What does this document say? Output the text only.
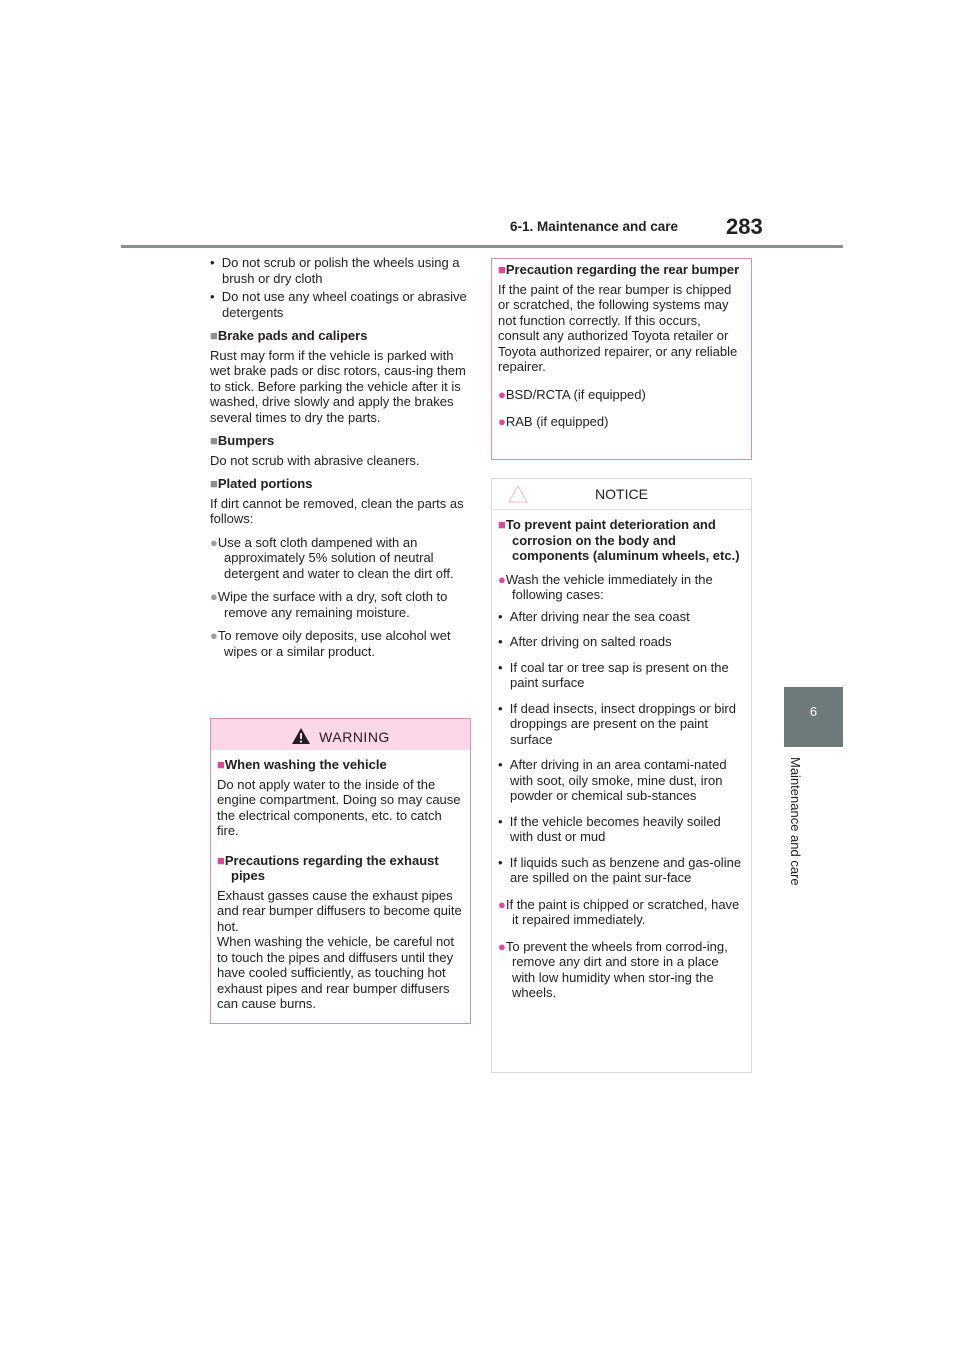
6-1. Maintenance and care 283
6
Maintenance and care

•  Do not scrub or polish the wheels using a brush or dry cloth

•  Do not use any wheel coatings or abrasive detergents

■Brake pads and calipers

Rust may form if the vehicle is parked with wet brake pads or disc rotors, caus-ing them to stick. Before parking the vehicle after it is washed, drive slowly and apply the brakes several times to dry the parts.

■Bumpers

Do not scrub with abrasive cleaners.

■Plated portions

If dirt cannot be removed, clean the parts as follows:

●Use a soft cloth dampened with an approximately 5% solution of neutral detergent and water to clean the dirt off.

●Wipe the surface with a dry, soft cloth to remove any remaining moisture.

●To remove oily deposits, use alcohol wet wipes or a similar product.

WARNING

■When washing the vehicle

Do not apply water to the inside of the engine compartment. Doing so may cause the electrical components, etc. to catch fire.

■Precautions regarding the exhaust pipes

Exhaust gasses cause the exhaust pipes and rear bumper diffusers to become quite hot.

When washing the vehicle, be careful not to touch the pipes and diffusers until they have cooled sufficiently, as touching hot exhaust pipes and rear bumper diffusers can cause burns.

■Precaution regarding the rear bumper

If the paint of the rear bumper is chipped or scratched, the following systems may not function correctly. If this occurs, consult any authorized Toyota retailer or Toyota authorized repairer, or any reliable repairer.

●BSD/RCTA (if equipped)

●RAB (if equipped)

NOTICE

■To prevent paint deterioration and corrosion on the body and components (aluminum wheels, etc.)

●Wash the vehicle immediately in the following cases:

•  After driving near the sea coast

•  After driving on salted roads

•  If coal tar or tree sap is present on the paint surface

•  If dead insects, insect droppings or bird droppings are present on the paint surface

•  After driving in an area contami-nated with soot, oily smoke, mine dust, iron powder or chemical sub-stances

•  If the vehicle becomes heavily soiled with dust or mud

•  If liquids such as benzene and gas-oline are spilled on the paint sur-face

●If the paint is chipped or scratched, have it repaired immediately.

●To prevent the wheels from corrod-ing, remove any dirt and store in a place with low humidity when stor-ing the wheels.
